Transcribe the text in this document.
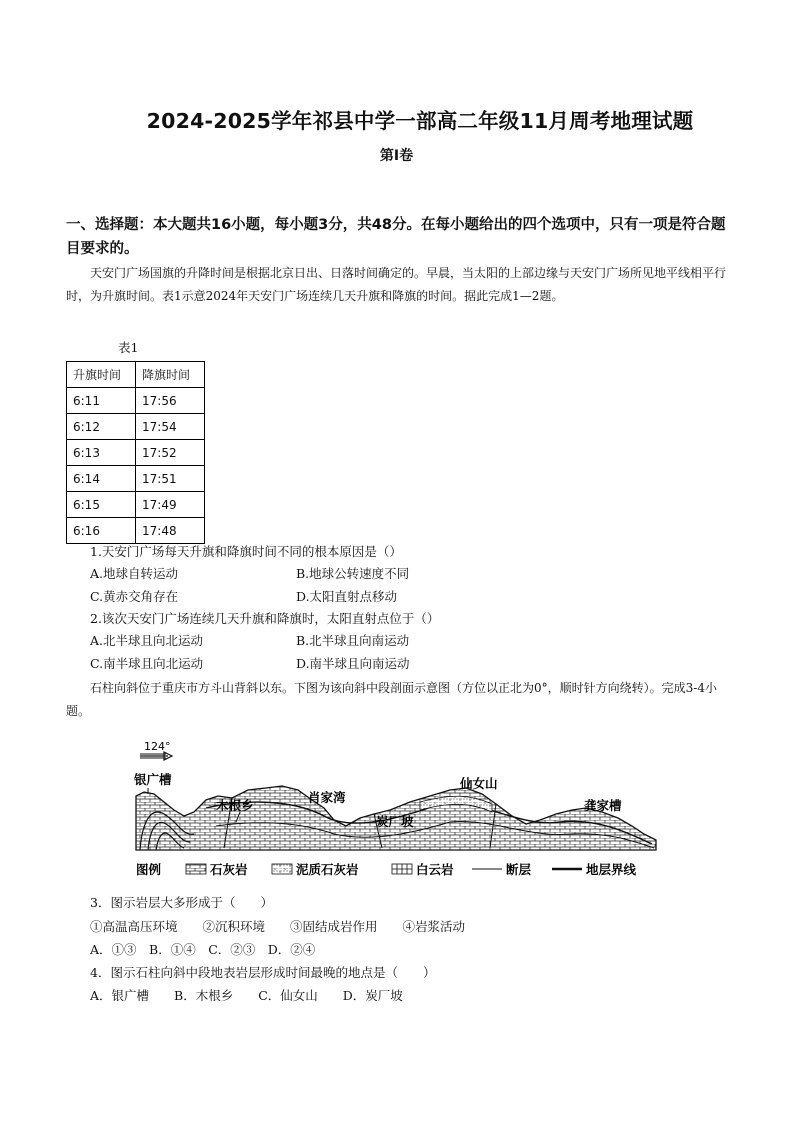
2024-2025学年祁县中学一部高二年级11月周考地理试题
第Ⅰ卷
一、选择题：本大题共16小题，每小题3分，共48分。在每小题给出的四个选项中，只有一项是符合题目要求的。
天安门广场国旗的升降时间是根据北京日出、日落时间确定的。早晨，当太阳的上部边缘与天安门广场所见地平线相平行时，为升旗时间。表1示意2024年天安门广场连续几天升旗和降旗的时间。据此完成1—2题。
表1
升旗时间	降旗时间
6:11	17:56
6:12	17:54
6:13	17:52
6:14	17:51
6:15	17:49
6:16	17:48
1.天安门广场每天升旗和降旗时间不同的根本原因是（）
A.地球自转运动	B.地球公转速度不同
C.黄赤交角存在	D.太阳直射点移动
2.该次天安门广场连续几天升旗和降旗时，太阳直射点位于（）
A.北半球且向北运动	B.北半球且向南运动
C.南半球且向北运动	D.南半球且向南运动
石柱向斜位于重庆市方斗山背斜以东。下图为该向斜中段剖面示意图（方位以正北为0°，顺时针方向绕转）。完成3-4小题。
124°
银广槽
木根乡
肖家湾
炭厂坡
仙女山
龚家槽
图例	石灰岩	泥质石灰岩	白云岩	断层	地层界线
3．图示岩层大多形成于（　　）
①高温高压环境　　②沉积环境　　③固结成岩作用　　④岩浆活动
A．①③　B．①④　C．②③　D．②④
4．图示石柱向斜中段地表岩层形成时间最晚的地点是（　　）
A．银广槽　　B．木根乡　　C．仙女山　　D．炭厂坡
